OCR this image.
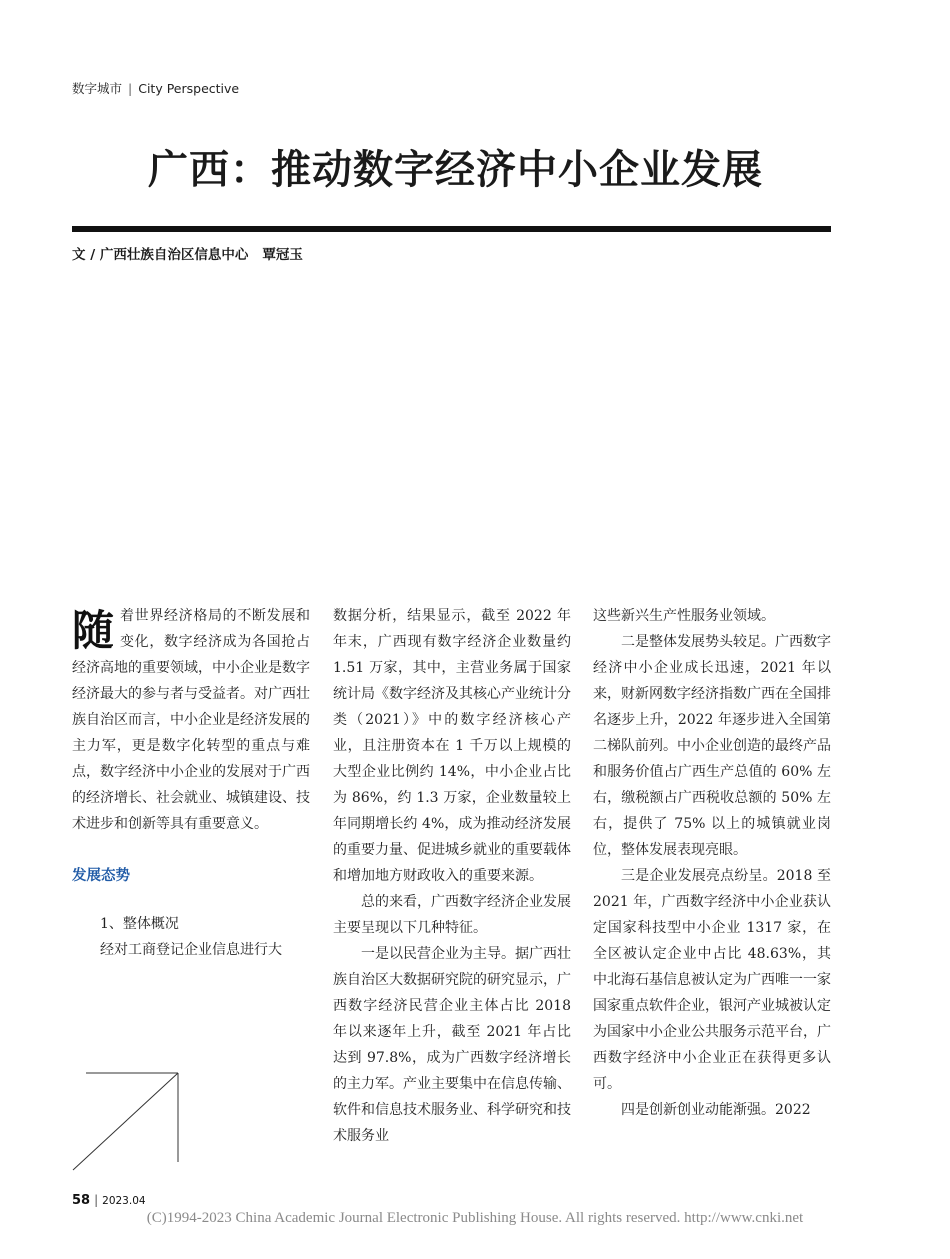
数字城市 | City Perspective
广西：推动数字经济中小企业发展
文 / 广西壮族自治区信息中心 覃冠玉

随着世界经济格局的不断发展和变化，数字经济成为各国抢占经济高地的重要领域，中小企业是数字经济最大的参与者与受益者。对广西壮族自治区而言，中小企业是经济发展的主力军，更是数字化转型的重点与难点，数字经济中小企业的发展对于广西的经济增长、社会就业、城镇建设、技术进步和创新等具有重要意义。

发展态势

1、整体概况

经对工商登记企业信息进行大

数据分析，结果显示，截至 2022 年年末，广西现有数字经济企业数量约 1.51 万家，其中，主营业务属于国家统计局《数字经济及其核心产业统计分类（2021）》中的数字经济核心产业，且注册资本在 1 千万以上规模的大型企业比例约 14%，中小企业占比为 86%，约 1.3 万家，企业数量较上年同期增长约 4%，成为推动经济发展的重要力量、促进城乡就业的重要载体和增加地方财政收入的重要来源。

总的来看，广西数字经济企业发展主要呈现以下几种特征。

一是以民营企业为主导。据广西壮族自治区大数据研究院的研究显示，广西数字经济民营企业主体占比 2018 年以来逐年上升，截至 2021 年占比达到 97.8%，成为广西数字经济增长的主力军。产业主要集中在信息传输、软件和信息技术服务业、科学研究和技术服务业

这些新兴生产性服务业领域。

二是整体发展势头较足。广西数字经济中小企业成长迅速，2021 年以来，财新网数字经济指数广西在全国排名逐步上升，2022 年逐步进入全国第二梯队前列。中小企业创造的最终产品和服务价值占广西生产总值的 60% 左右，缴税额占广西税收总额的 50% 左右，提供了 75% 以上的城镇就业岗位，整体发展表现亮眼。

三是企业发展亮点纷呈。2018 至 2021 年，广西数字经济中小企业获认定国家科技型中小企业 1317 家，在全区被认定企业中占比 48.63%，其中北海石基信息被认定为广西唯一一家国家重点软件企业，银河产业城被认定为国家中小企业公共服务示范平台，广西数字经济中小企业正在获得更多认可。

四是创新创业动能渐强。2022

58 | 2023.04
(C)1994-2023 China Academic Journal Electronic Publishing House. All rights reserved. http://www.cnki.net
